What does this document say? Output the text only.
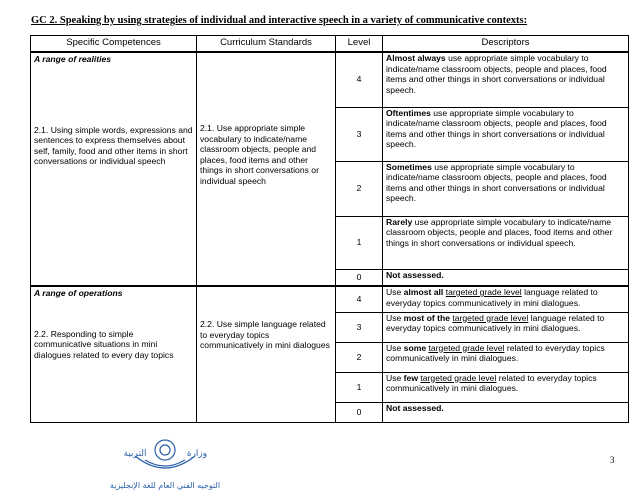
GC 2. Speaking by using strategies of individual and interactive speech in a variety of communicative contexts:
Specific Competences	Curriculum Standards	Level	Descriptors

A range of realities
2.1. Using simple words, expressions and sentences to express themselves about self, family, food and other items in short conversations or individual speech	2.1. Use appropriate simple vocabulary to indicate/name classroom objects, people and places, food items and other things in short conversations or individual speech	4	Almost always use appropriate simple vocabulary to indicate/name classroom objects, people and places, food items and other things in short conversations or individual speech.
		3	Oftentimes use appropriate simple vocabulary to indicate/name classroom objects, people and places, food items and other things in short conversations or individual speech.
		2	Sometimes use appropriate simple vocabulary to indicate/name classroom objects, people and places, food items and other things in short conversations or individual speech.
		1	Rarely use appropriate simple vocabulary to indicate/name classroom objects, people and places, food items and other things in short conversations or individual speech.
		0	Not assessed.

A range of operations
2.2. Responding to simple communicative situations in mini dialogues related to every day topics	2.2. Use simple language related to everyday topics communicatively in mini dialogues	4	Use almost all targeted grade level language related to everyday topics communicatively in mini dialogues.
		3	Use most of the targeted grade level language related to everyday topics communicatively in mini dialogues.
		2	Use some targeted grade level related to everyday topics communicatively in mini dialogues.
		1	Use few targeted grade level related to everyday topics communicatively in mini dialogues.
		0	Not assessed.
وزارة
التربية
التوجيه الفني العام للغة الإنجليزية
3
